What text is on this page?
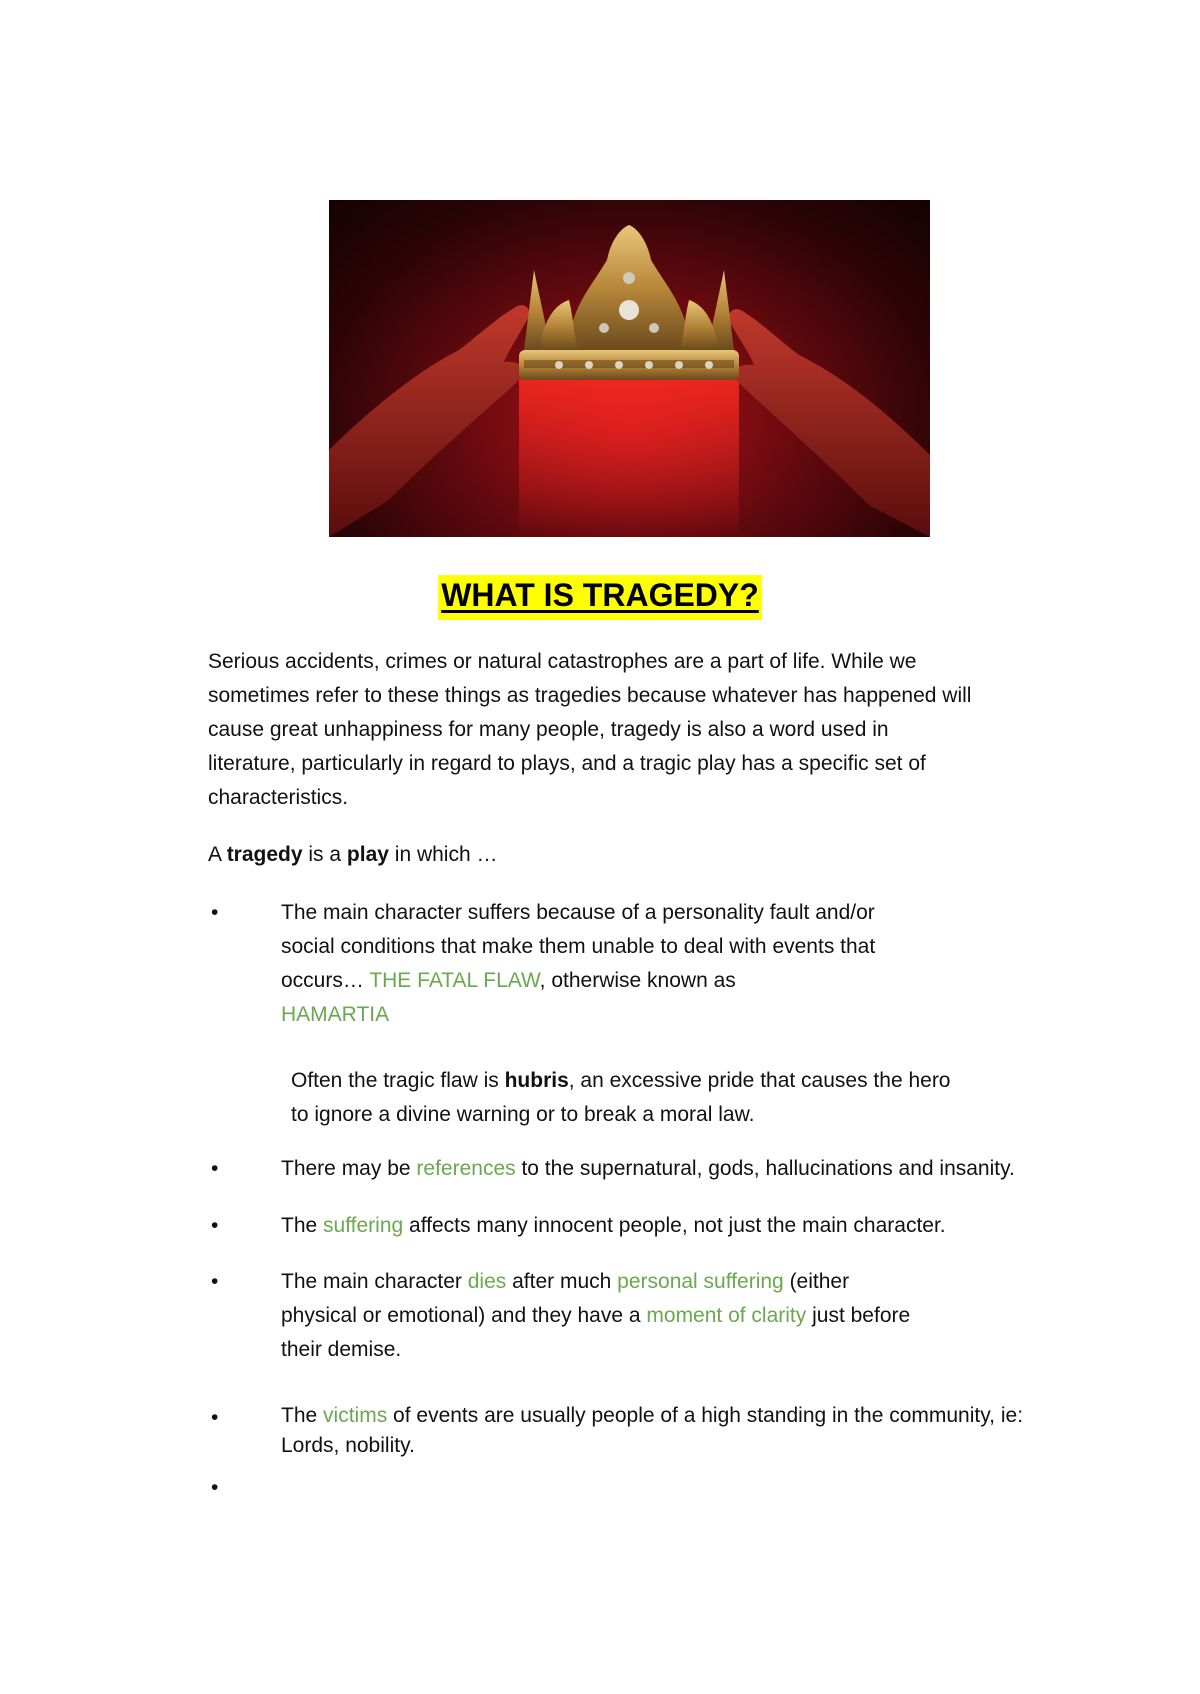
WHAT IS TRAGEDY?

Serious accidents, crimes or natural catastrophes are a part of life. While we sometimes refer to these things as tragedies because whatever has happened will cause great unhappiness for many people, tragedy is also a word used in literature, particularly in regard to plays, and a tragic play has a specific set of characteristics.

A tragedy is a play in which …

•	The main character suffers because of a personality fault and/or social conditions that make them unable to deal with events that occurs… THE FATAL FLAW, otherwise known as
HAMARTIA

Often the tragic flaw is hubris, an excessive pride that causes the hero to ignore a divine warning or to break a moral law.

•	There may be references to the supernatural, gods, hallucinations and insanity.

•	The suffering affects many innocent people, not just the main character.

•	The main character dies after much personal suffering (either physical or emotional) and they have a moment of clarity just before their demise.

•	The victims of events are usually people of a high standing in the community, ie: Lords, nobility.

•
